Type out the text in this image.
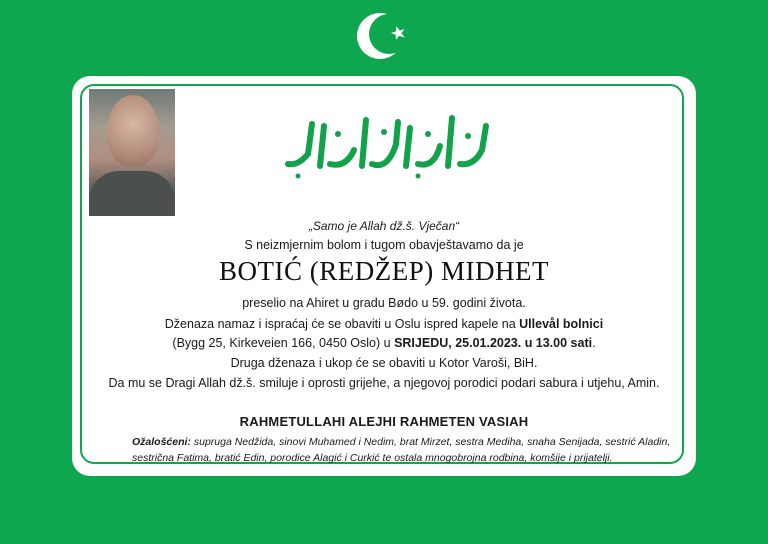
„Samo je Allah dž.š. Vječan“
S neizmjernim bolom i tugom obavještavamo da je
BOTIĆ (REDŽEP) MIDHET
preselio na Ahiret u gradu Bødo u 59. godini života.
Dženaza namaz i ispraćaj će se obaviti u Oslu ispred kapele na Ullevål bolnici
(Bygg 25, Kirkeveien 166, 0450 Oslo) u SRIJEDU, 25.01.2023. u 13.00 sati.
Druga dženaza i ukop će se obaviti u Kotor Varoši, BiH.
Da mu se Dragi Allah dž.š. smiluje i oprosti grijehe, a njegovoj porodici podari sabura i utjehu, Amin.
RAHMETULLAHI ALEJHI RAHMETEN VASIAH
Ožalošćeni: supruga Nedžida, sinovi Muhamed i Nedim, brat Mirzet, sestra Mediha, snaha Senijada, sestrić Aladin, sestrična Fatima, bratić Edin, porodice Alagić i Curkić te ostala mnogobrojna rodbina, komšije i prijatelji.
